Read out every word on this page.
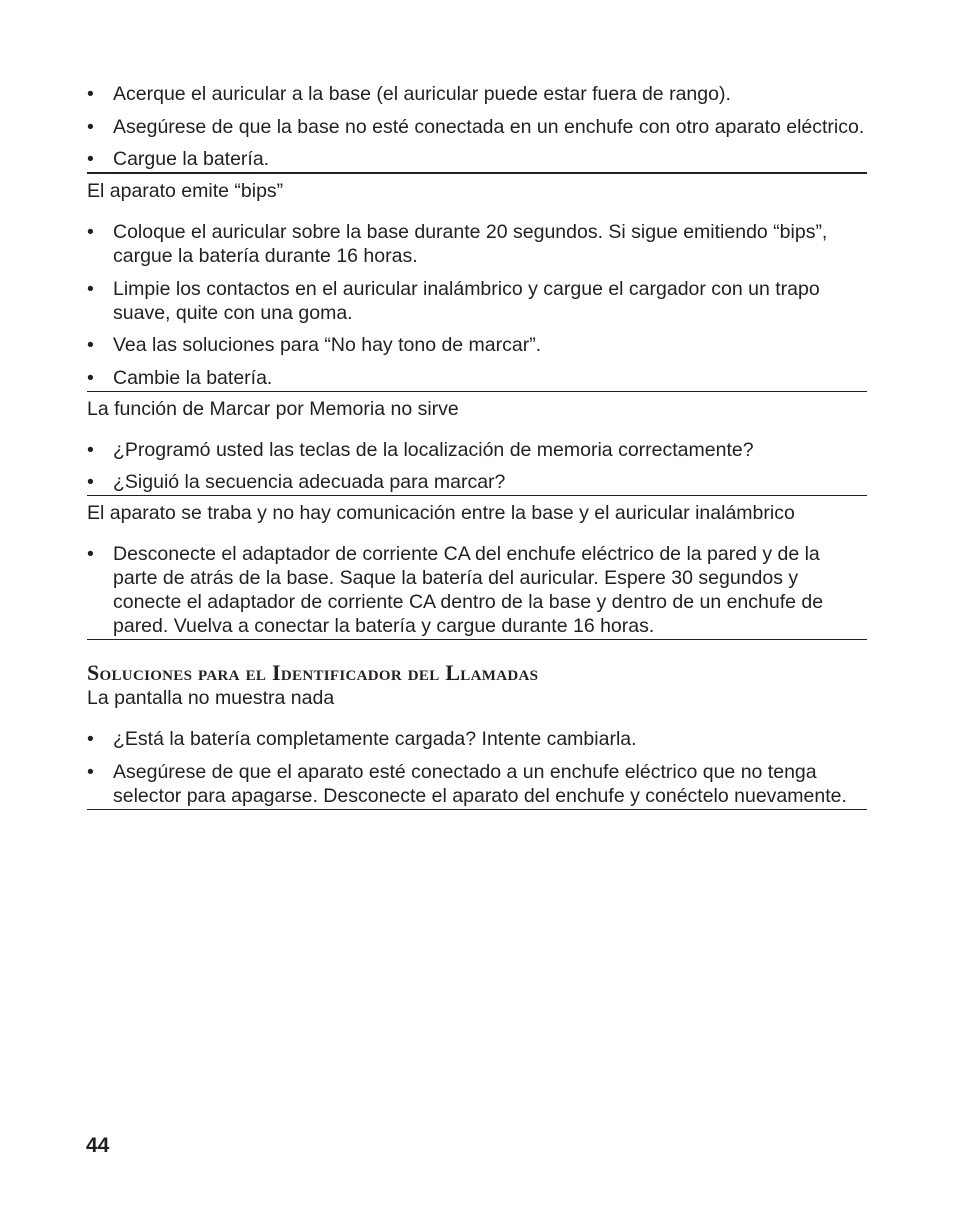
• Acerque el auricular a la base (el auricular puede estar fuera de rango).
• Asegúrese de que la base no esté conectada en un enchufe con otro aparato eléctrico.
• Cargue la batería.
El aparato emite “bips”
• Coloque el auricular sobre la base durante 20 segundos. Si sigue emitiendo “bips”, cargue la batería durante 16 horas.
• Limpie los contactos en el auricular inalámbrico y cargue el cargador con un trapo suave, quite con una goma.
• Vea las soluciones para “No hay tono de marcar”.
• Cambie la batería.
La función de Marcar por Memoria no sirve
• ¿Programó usted las teclas de la localización de memoria correctamente?
• ¿Siguió la secuencia adecuada para marcar?
El aparato se traba y no hay comunicación entre la base y el auricular inalámbrico
• Desconecte el adaptador de corriente CA del enchufe eléctrico de la pared y de la parte de atrás de la base. Saque la batería del auricular. Espere 30 segundos y conecte el adaptador de corriente CA dentro de la base y dentro de un enchufe de pared. Vuelva a conectar la batería y cargue durante 16 horas.
Soluciones para el Identificador del Llamadas
La pantalla no muestra nada
• ¿Está la batería completamente cargada? Intente cambiarla.
• Asegúrese de que el aparato esté conectado a un enchufe eléctrico que no tenga selector para apagarse. Desconecte el aparato del enchufe y conéctelo nuevamente.
44
